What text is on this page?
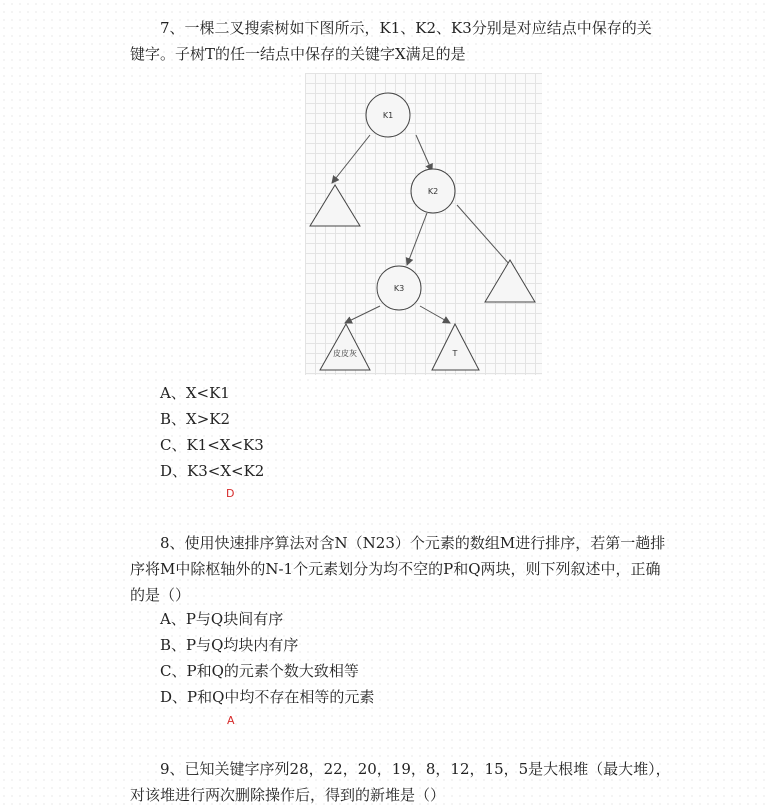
7、一棵二叉搜索树如下图所示，K1、K2、K3分别是对应结点中保存的关
键字。子树T的任一结点中保存的关键字X满足的是
K1
K2
K3
皮皮灰	T
A、X<K1
B、X>K2
C、K1<X<K3
D、K3<X<K2
D
8、使用快速排序算法对含N（N23）个元素的数组M进行排序，若第一趟排
序将M中除枢轴外的N-1个元素划分为均不空的P和Q两块，则下列叙述中，正确
的是（）
A、P与Q块间有序
B、P与Q均块内有序
C、P和Q的元素个数大致相等
D、P和Q中均不存在相等的元素
A
9、已知关键字序列28，22，20，19，8，12，15，5是大根堆（最大堆），
对该堆进行两次删除操作后，得到的新堆是（）
